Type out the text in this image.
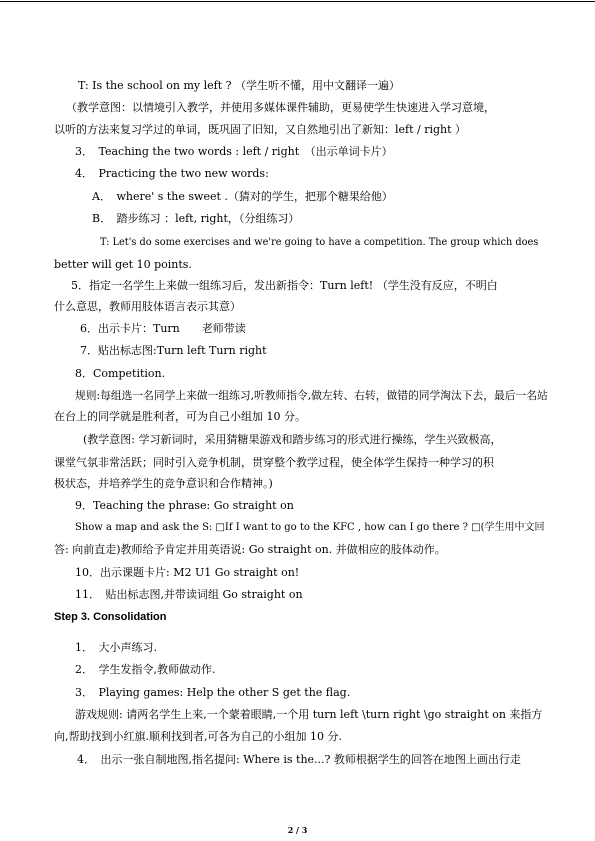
T: Is the school on my left ? （学生听不懂，用中文翻译一遍）
（教学意图：以情境引入教学，并使用多媒体课件辅助，更易使学生快速进入学习意境，
以听的方法来复习学过的单词，既巩固了旧知，又自然地引出了新知：left / right ）
3．　Teaching the two words : left / right　（出示单词卡片）
4．　Practicing the two new words:
A．　where' s the sweet .（猜对的学生，把那个糖果给他）
B．　踏步练习 ：left, right，（分组练习）
T: Let's do some exercises and we're going to have a competition. The group which does
better will get 10 points.
5．指定一名学生上来做一组练习后，发出新指令：Turn left! （学生没有反应，不明白
什么意思，教师用肢体语言表示其意）
6．出示卡片：Turn　　老师带读
7．贴出标志图:Turn left Turn right
8．Competition.
规则:每组选一名同学上来做一组练习,听教师指令,做左转、右转，做错的同学淘汰下去，最后一名站
在台上的同学就是胜利者，可为自己小组加 10 分。
(教学意图: 学习新词时，采用猜糖果游戏和踏步练习的形式进行操练，学生兴致极高，
课堂气氛非常活跃；同时引入竞争机制，贯穿整个教学过程，使全体学生保持一种学习的积
极状态，并培养学生的竞争意识和合作精神。)
9．Teaching the phrase: Go straight on
Show a map and ask the S: □If I want to go to the KFC , how can I go there ? □(学生用中文回
答: 向前直走)教师给予肯定并用英语说: Go straight on. 并做相应的肢体动作。
10．出示课题卡片: M2 U1 Go straight on!
11．　贴出标志图,并带读词组 Go straight on
Step 3. Consolidation
1．　大小声练习.
2．　学生发指令,教师做动作.
3．　Playing games: Help the other S get the flag.
游戏规则: 请两名学生上来,一个蒙着眼睛,一个用 turn left \turn right \go straight on 来指方
向,帮助找到小红旗.顺利找到者,可各为自己的小组加 10 分.
4．　出示一张自制地图,指名提问: Where is the...? 教师根据学生的回答在地图上画出行走
2 / 3
